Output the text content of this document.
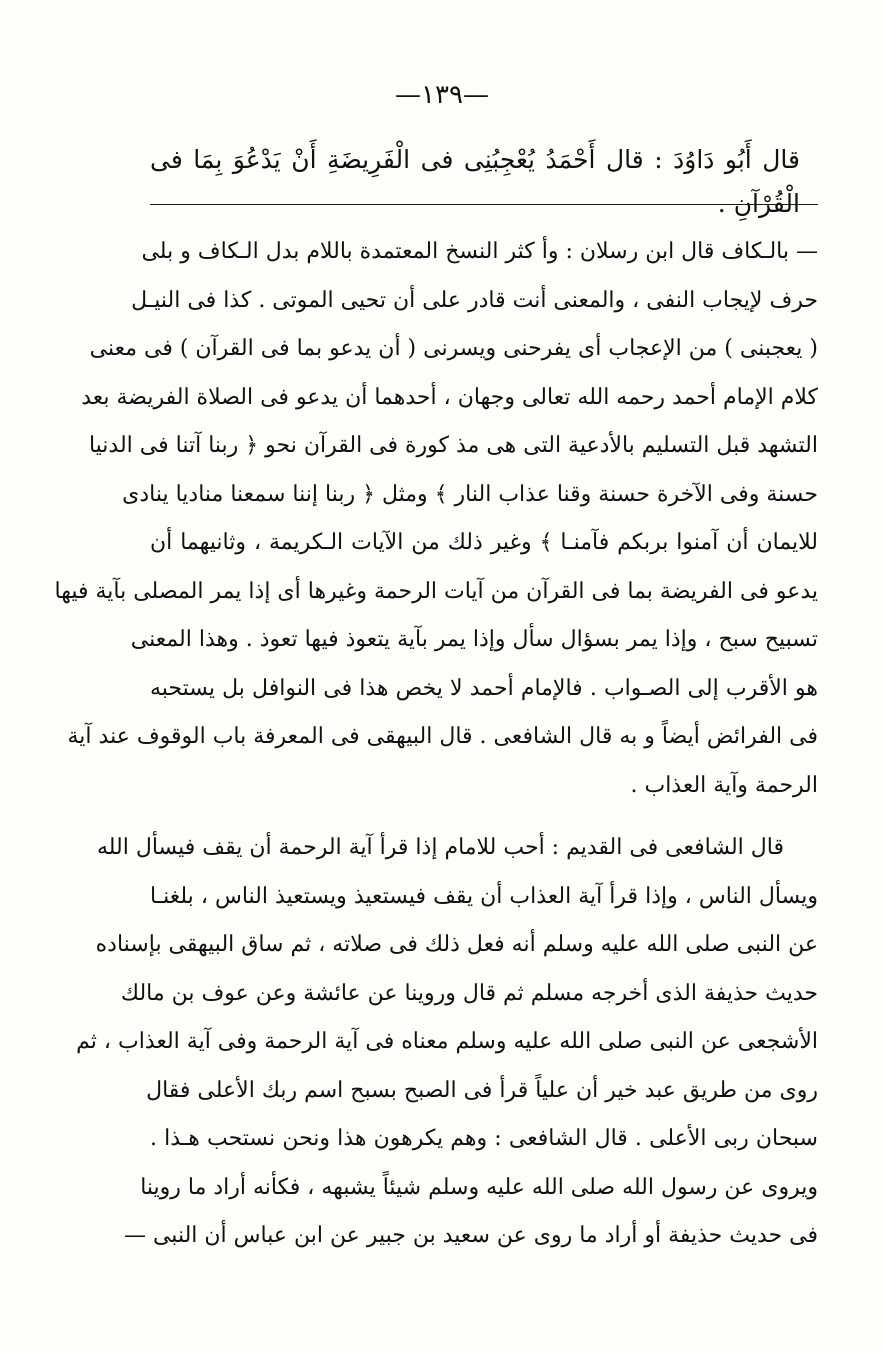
—١٣٩—

قال أَبُو دَاوُدَ : قال أَحْمَدُ يُعْجِبُنِى فى الْفَرِيضَةِ أَنْ يَدْعُوَ بِمَا فى الْقُرْآنِ .

— بالـكاف قال ابن رسلان : وأ كثر النسخ المعتمدة باللام بدل الـكاف و بلى
حرف لإيجاب النفى ، والمعنى أنت قادر على أن تحيى الموتى . كذا فى النيـل
( يعجبنى ) من الإعجاب أى يفرحنى ويسرنى ( أن يدعو بما فى القرآن ) فى معنى
كلام الإمام أحمد رحمه الله تعالى وجهان ، أحدهما أن يدعو فى الصلاة الفريضة بعد
التشهد قبل التسليم بالأدعية التى هى مذ كورة فى القرآن نحو ﴿ ربنا آتنا فى الدنيا
حسنة وفى الآخرة حسنة وقنا عذاب النار ﴾ ومثل ﴿ ربنا إننا سمعنا مناديا ينادى
للايمان أن آمنوا بربكم فآمنـا ﴾ وغير ذلك من الآيات الـكريمة ، وثانيهما أن
يدعو فى الفريضة بما فى القرآن من آيات الرحمة وغيرها أى إذا يمر المصلى بآية فيها
تسبيح سبح ، وإذا يمر بسؤال سأل وإذا يمر بآية يتعوذ فيها تعوذ . وهذا المعنى
هو الأقرب إلى الصـواب . فالإمام أحمد لا يخص هذا فى النوافل بل يستحبه
فى الفرائض أيضاً و به قال الشافعى . قال البيهقى فى المعرفة باب الوقوف عند آية
الرحمة وآية العذاب .
قال الشافعى فى القديم : أحب للامام إذا قرأ آية الرحمة أن يقف فيسأل الله
ويسأل الناس ، وإذا قرأ آية العذاب أن يقف فيستعيذ ويستعيذ الناس ، بلغنـا
عن النبى صلى الله عليه وسلم أنه فعل ذلك فى صلاته ، ثم ساق البيهقى بإسناده
حديث حذيفة الذى أخرجه مسلم ثم قال وروينا عن عائشة وعن عوف بن مالك
الأشجعى عن النبى صلى الله عليه وسلم معناه فى آية الرحمة وفى آية العذاب ، ثم
روى من طريق عبد خير أن علياً قرأ فى الصبح بسبح اسم ربك الأعلى فقال
سبحان ربى الأعلى . قال الشافعى : وهم يكرهون هذا ونحن نستحب هـذا .
ويروى عن رسول الله صلى الله عليه وسلم شيئاً يشبهه ، فكأنه أراد ما روينا
فى حديث حذيفة أو أراد ما روى عن سعيد بن جبير عن ابن عباس أن النبى —
